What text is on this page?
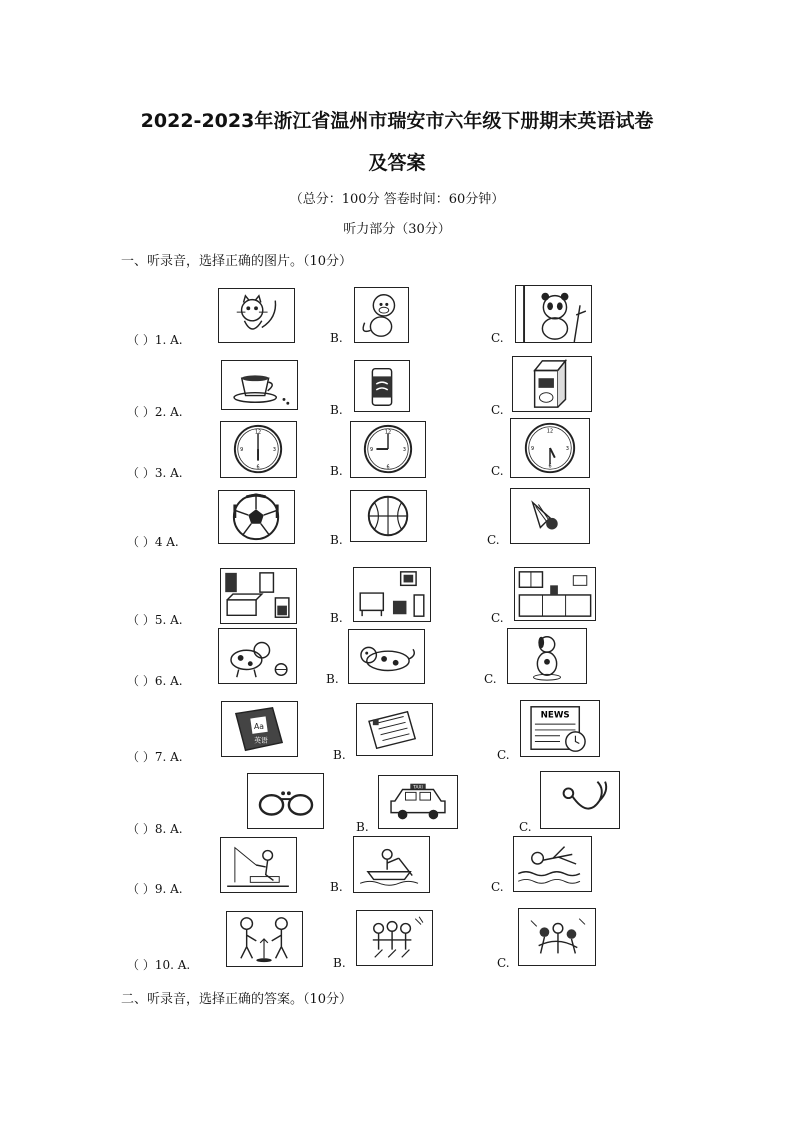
2022-2023年浙江省温州市瑞安市六年级下册期末英语试卷
及答案
（总分：100分 答卷时间：60分钟）
听力部分（30分）
一、听录音，选择正确的图片。（10分）
二、听录音，选择正确的答案。（10分）
（ ）1. A.	B.	C.
（ ）2. A.	B.	C.
（ ）3. A.
12
3
6
9
B.
12
3
6
9
C.
12
3
6
9
（ ）4 A.	B.	C.
（ ）5. A.	B.	C.
（ ）6. A.	B.	C.
（ ）7. A.
Aa
英语
B.	C.
NEWS
（ ）8. A.	B.
TAXI
C.
（ ）9. A.	B.	C.
（ ）10. A.	B.	C.
